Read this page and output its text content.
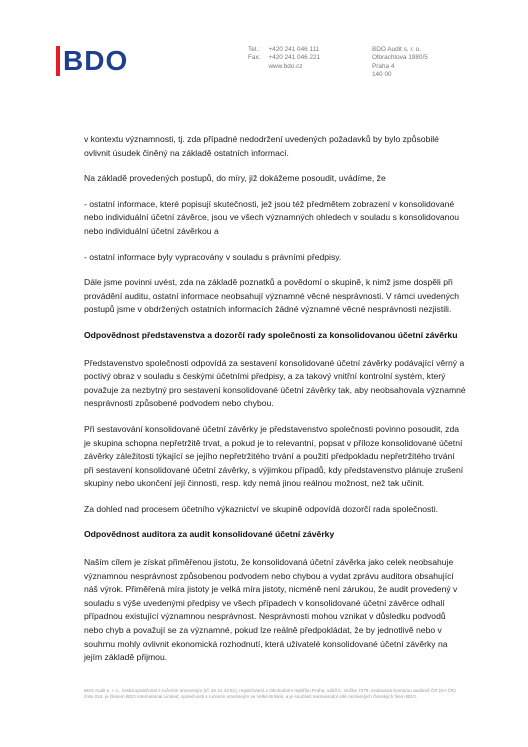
BDO	Tel.:
Fax:
+420 241 046 111
+420 241 046 221
www.bdo.cz
BDO Audit s. r. o.
Olbrachtova 1980/5
Praha 4
140 00

v kontextu významnosti, tj. zda případné nedodržení uvedených požadavků by bylo způsobilé ovlivnit úsudek činěný na základě ostatních informací.

Na základě provedených postupů, do míry, již dokážeme posoudit, uvádíme, že

- ostatní informace, které popisují skutečnosti, jež jsou též předmětem zobrazení v konsolidované nebo individuální účetní závěrce, jsou ve všech významných ohledech v souladu s konsolidovanou nebo individuální účetní závěrkou a

- ostatní informace byly vypracovány v souladu s právními předpisy.

Dále jsme povinni uvést, zda na základě poznatků a povědomí o skupině, k nimž jsme dospěli při provádění auditu, ostatní informace neobsahují významné věcné nesprávnosti. V rámci uvedených postupů jsme v obdržených ostatních informacích žádné významné věcné nesprávnosti nezjistili.

Odpovědnost představenstva a dozorčí rady společnosti za konsolidovanou účetní závěrku

Představenstvo společnosti odpovídá za sestavení konsolidované účetní závěrky podávající věrný a poctivý obraz v souladu s českými účetními předpisy, a za takový vnitřní kontrolní systém, který považuje za nezbytný pro sestavení konsolidované účetní závěrky tak, aby neobsahovala významné nesprávnosti způsobené podvodem nebo chybou.

Při sestavování konsolidované účetní závěrky je představenstvo společnosti povinno posoudit, zda je skupina schopna nepřetržitě trvat, a pokud je to relevantní, popsat v příloze konsolidované účetní závěrky záležitosti týkající se jejího nepřetržitého trvání a použití předpokladu nepřetržitého trvání při sestavení konsolidované účetní závěrky, s výjimkou případů, kdy představenstvo plánuje zrušení skupiny nebo ukončení její činnosti, resp. kdy nemá jinou reálnou možnost, než tak učinit.

Za dohled nad procesem účetního výkaznictví ve skupině odpovídá dozorčí rada společnosti.

Odpovědnost auditora za audit konsolidované účetní závěrky

Naším cílem je získat přiměřenou jistotu, že konsolidovaná účetní závěrka jako celek neobsahuje významnou nesprávnost způsobenou podvodem nebo chybou a vydat zprávu auditora obsahující náš výrok. Přiměřená míra jistoty je velká míra jistoty, nicméně není zárukou, že audit provedený v souladu s výše uvedenými předpisy ve všech případech v konsolidované účetní závěrce odhalí případnou existující významnou nesprávnost. Nesprávnosti mohou vznikat v důsledku podvodů nebo chyb a považují se za významné, pokud lze reálně předpokládat, že by jednotlivě nebo v souhrnu mohly ovlivnit ekonomická rozhodnutí, která uživatelé konsolidované účetní závěrky na jejím základě přijmou.

BDO Audit s. r. o., česká společnost s ručením omezeným (IČ 45 31 43 81), registrovaná v Obchodním rejstříku Praha, oddíl C, vložka 7279, evidovaná Komorou auditorů ČR (KA ČR) číslo 018, je členem BDO International Limited, společnosti s ručením omezeným ve Velké Británii, a je součástí mezinárodní sítě nezávislých členských firem BDO.
